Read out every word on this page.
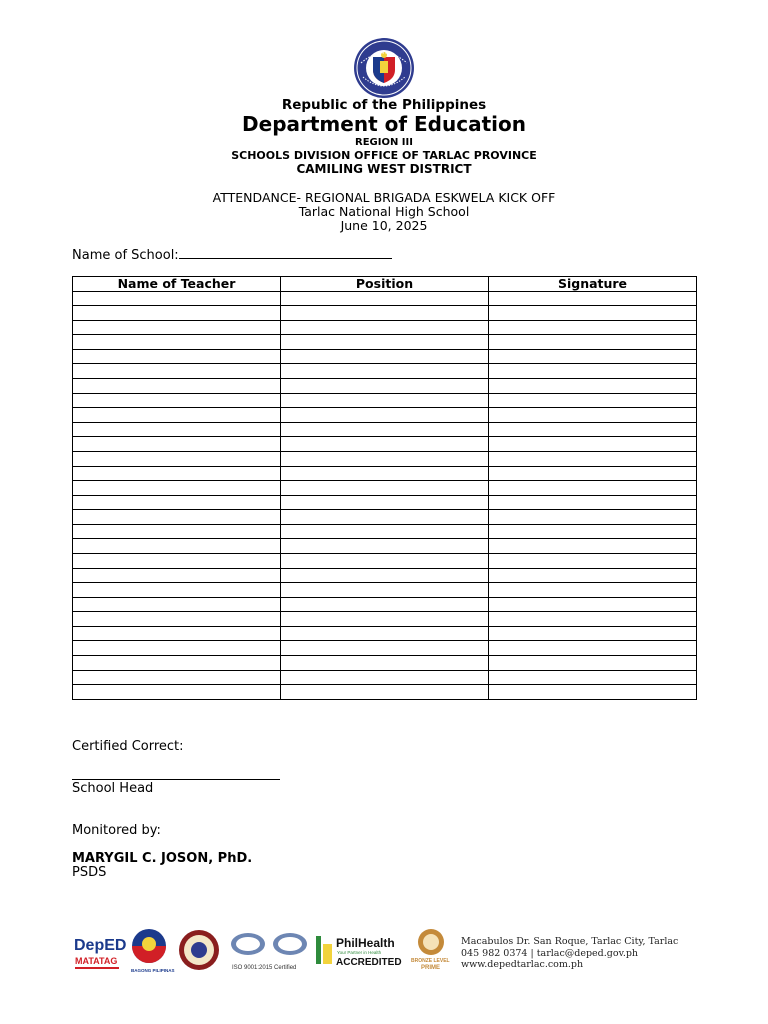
Republic of the Philippines
Department of Education
REGION III
SCHOOLS DIVISION OFFICE OF TARLAC PROVINCE
CAMILING WEST DISTRICT
ATTENDANCE- REGIONAL BRIGADA ESKWELA KICK OFF
Tarlac National High School
June 10, 2025
Name of School:
Name of Teacher	Position	Signature

Certified Correct:
School Head
Monitored by:
MARYGIL C. JOSON, PhD.
PSDS
DepED
MATATAG
BAGONG PILIPINAS	ISO 9001:2015 Certified
PhilHealth
Your Partner in Health
ACCREDITED BRONZE LEVEL
PRIME
Macabulos Dr. San Roque, Tarlac City, Tarlac
045 982 0374 | tarlac@deped.gov.ph
www.depedtarlac.com.ph
